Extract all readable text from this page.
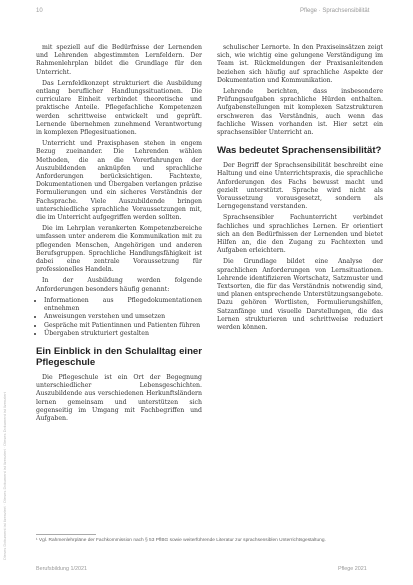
Dieses Dokument ist lizenziert · Dieses Dokument ist lizenziert · Dieses Dokument ist lizenziert
10	Pflege · Sprachsensibilität

mit speziell auf die Bedürfnisse der Lernenden und Lehrenden abgestimmten Lernfeldern. Der Rahmenlehrplan bildet die Grundlage für den Unterricht.

Das Lernfeldkonzept strukturiert die Ausbildung entlang beruflicher Handlungssituationen. Die curriculare Einheit verbindet theoretische und praktische Anteile. Pflegefachliche Kompetenzen werden schrittweise entwickelt und geprüft. Lernende übernehmen zunehmend Verantwortung in komplexen Pflegesituationen.

Unterricht und Praxisphasen stehen in engem Bezug zueinander. Die Lehrenden wählen Methoden, die an die Vorerfahrungen der Auszubildenden anknüpfen und sprachliche Anforderungen berücksichtigen. Fachtexte, Dokumentationen und Übergaben verlangen präzise Formulierungen und ein sicheres Verständnis der Fachsprache. Viele Auszubildende bringen unterschiedliche sprachliche Voraussetzungen mit, die im Unterricht aufgegriffen werden sollten.

Die im Lehrplan verankerten Kompetenzbereiche umfassen unter anderem die Kommunikation mit zu pflegenden Menschen, Angehörigen und anderen Berufsgruppen. Sprachliche Handlungsfähigkeit ist dabei eine zentrale Voraussetzung für professionelles Handeln.

In der Ausbildung werden folgende Anforderungen besonders häufig genannt:

• Informationen aus Pflegedokumentationen entnehmen
• Anweisungen verstehen und umsetzen
• Gespräche mit Patientinnen und Patienten führen
• Übergaben strukturiert gestalten
Ein Einblick in den Schulalltag einer Pflegeschule

Die Pflegeschule ist ein Ort der Begegnung unterschiedlicher Lebensgeschichten. Auszubildende aus verschiedenen Herkunftsländern lernen gemeinsam und unterstützen sich gegenseitig im Umgang mit Fachbegriffen und Aufgaben.

schulischer Lernorte. In den Praxiseinsätzen zeigt sich, wie wichtig eine gelungene Verständigung im Team ist. Rückmeldungen der Praxisanleitenden beziehen sich häufig auf sprachliche Aspekte der Dokumentation und Kommunikation.

Lehrende berichten, dass insbesondere Prüfungsaufgaben sprachliche Hürden enthalten. Aufgabenstellungen mit komplexen Satzstrukturen erschweren das Verständnis, auch wenn das fachliche Wissen vorhanden ist. Hier setzt ein sprachsensibler Unterricht an.

Was bedeutet Sprachensensibilität?

Der Begriff der Sprachsensibilität beschreibt eine Haltung und eine Unterrichtspraxis, die sprachliche Anforderungen des Fachs bewusst macht und gezielt unterstützt. Sprache wird nicht als Voraussetzung vorausgesetzt, sondern als Lerngegenstand verstanden.

Sprachsensibler Fachunterricht verbindet fachliches und sprachliches Lernen. Er orientiert sich an den Bedürfnissen der Lernenden und bietet Hilfen an, die den Zugang zu Fachtexten und Aufgaben erleichtern.

Die Grundlage bildet eine Analyse der sprachlichen Anforderungen von Lernsituationen. Lehrende identifizieren Wortschatz, Satzmuster und Textsorten, die für das Verständnis notwendig sind, und planen entsprechende Unterstützungsangebote. Dazu gehören Wortlisten, Formulierungshilfen, Satzanfänge und visuelle Darstellungen, die das Lernen strukturieren und schrittweise reduziert werden können.

¹ Vgl. Rahmenlehrpläne der Fachkommission nach § 53 PflBG sowie weiterführende Literatur zur sprachsensiblen Unterrichtsgestaltung.
Berufsbildung 1/2021	Pflege 2021
